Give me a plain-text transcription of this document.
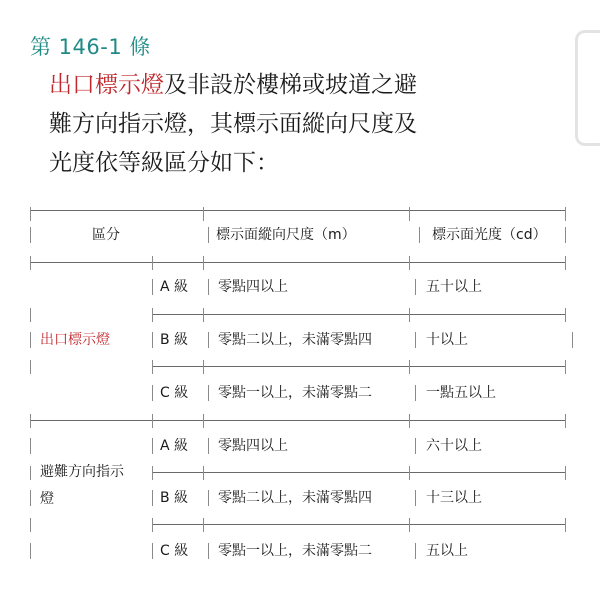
第 146-1 條
出口標示燈及非設於樓梯或坡道之避
難方向指示燈，其標示面縱向尺度及
光度依等級區分如下：
區分	標示面縱向尺度（m）	標示面光度（cd）
出口標示燈
A 級 零點四以上	五十以上
B 級 零點二以上，未滿零點四	十以上
C 級 零點一以上，未滿零點二	一點五以上
避難方向指示
燈
A 級 零點四以上	六十以上
B 級 零點二以上，未滿零點四	十三以上
C 級 零點一以上，未滿零點二	五以上
